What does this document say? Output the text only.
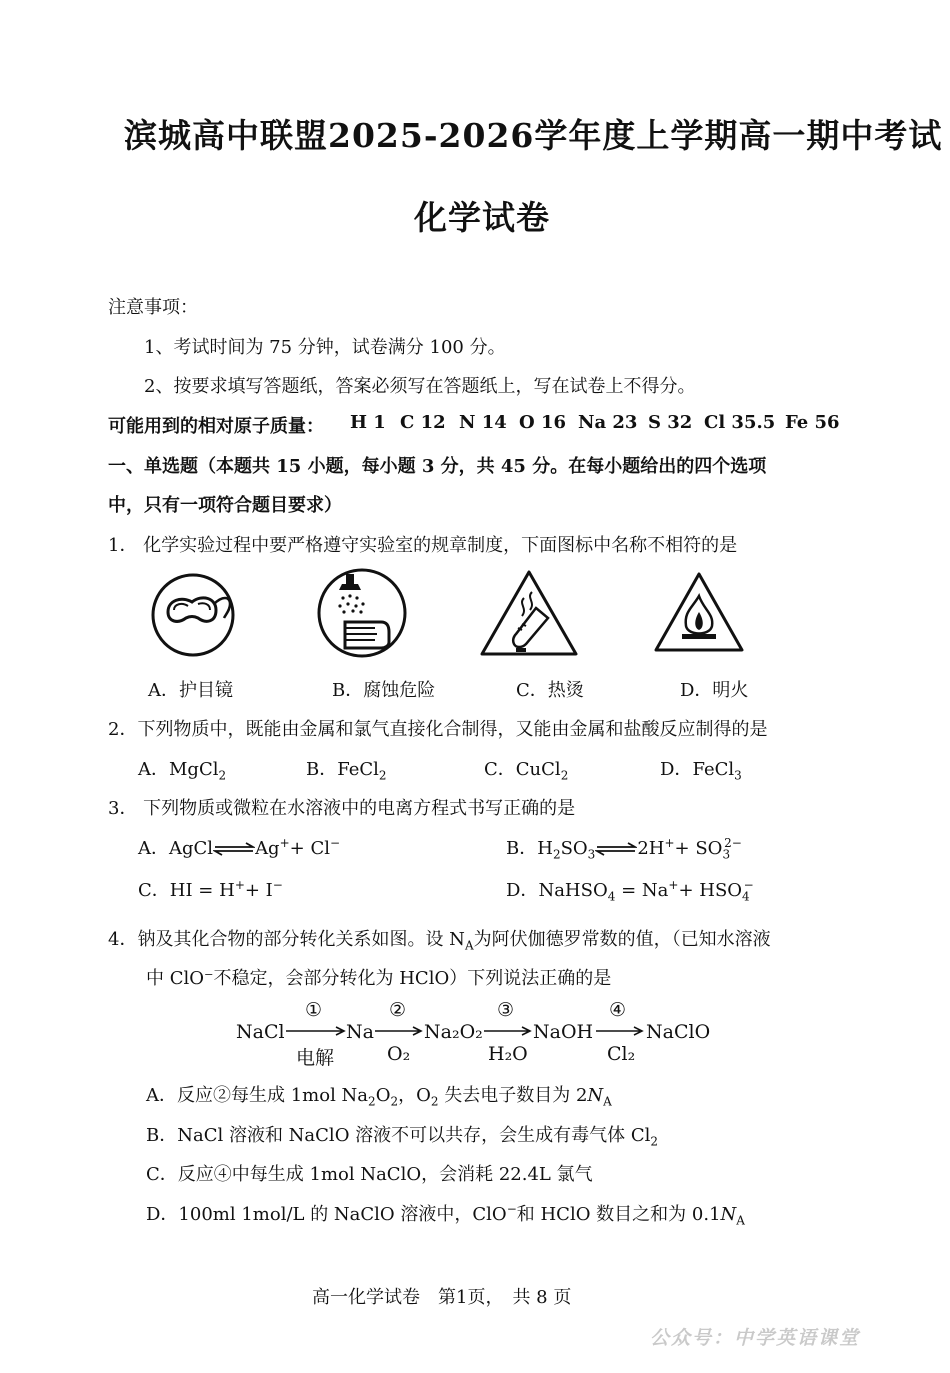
滨城高中联盟2025-2026学年度上学期高一期中考试
化学试卷
注意事项：
1、考试时间为 75 分钟，试卷满分 100 分。
2、按要求填写答题纸，答案必须写在答题纸上，写在试卷上不得分。
可能用到的相对原子质量： H 1 C 12 N 14 O 16 Na 23 S 32 Cl 35.5 Fe 56
一、单选题（本题共 15 小题，每小题 3 分，共 45 分。在每小题给出的四个选项
中，只有一项符合题目要求）
1． 化学实验过程中要严格遵守实验室的规章制度，下面图标中名称不相符的是
A．护目镜	B．腐蚀危险	C．热烫	D．明火
2．下列物质中，既能由金属和氯气直接化合制得，又能由金属和盐酸反应制得的是
A．MgCl$_2$	B．FeCl$_2$	C．CuCl$_2$	D．FeCl$_3$
3． 下列物质或微粒在水溶液中的电离方程式书写正确的是
A．AgCl⇌Ag++ Cl−	B．$H_2SO_3\rightleftharpoons 2H^++ SO_3^{2-}$
C．HI = H++ I−	D．NaHSO$_4$ = $Na^++ HSO_4^-$
4．钠及其化合物的部分转化关系如图。设 $N_A$为阿伏伽德罗常数的值，（已知水溶液
中 ClO⁻不稳定，会部分转化为 HClO）下列说法正确的是
NaCl	Na	Na₂O₂	NaOH	NaClO
①	②	③	④
电解	O₂	H₂O	Cl₂
A．反应②每生成 1mol $Na_2O_2$，$O_2$ 失去电子数目为 $2N_A$
B．NaCl 溶液和 NaClO 溶液不可以共存，会生成有毒气体 $Cl_2$
C．反应④中每生成 1mol NaClO，会消耗 22.4L 氯气
D．100ml 1mol/L 的 NaClO 溶液中，ClO−和 HClO 数目之和为 $0.1N_A$
高一化学试卷　第1页，　共 8 页
公众号：中学英语课堂
